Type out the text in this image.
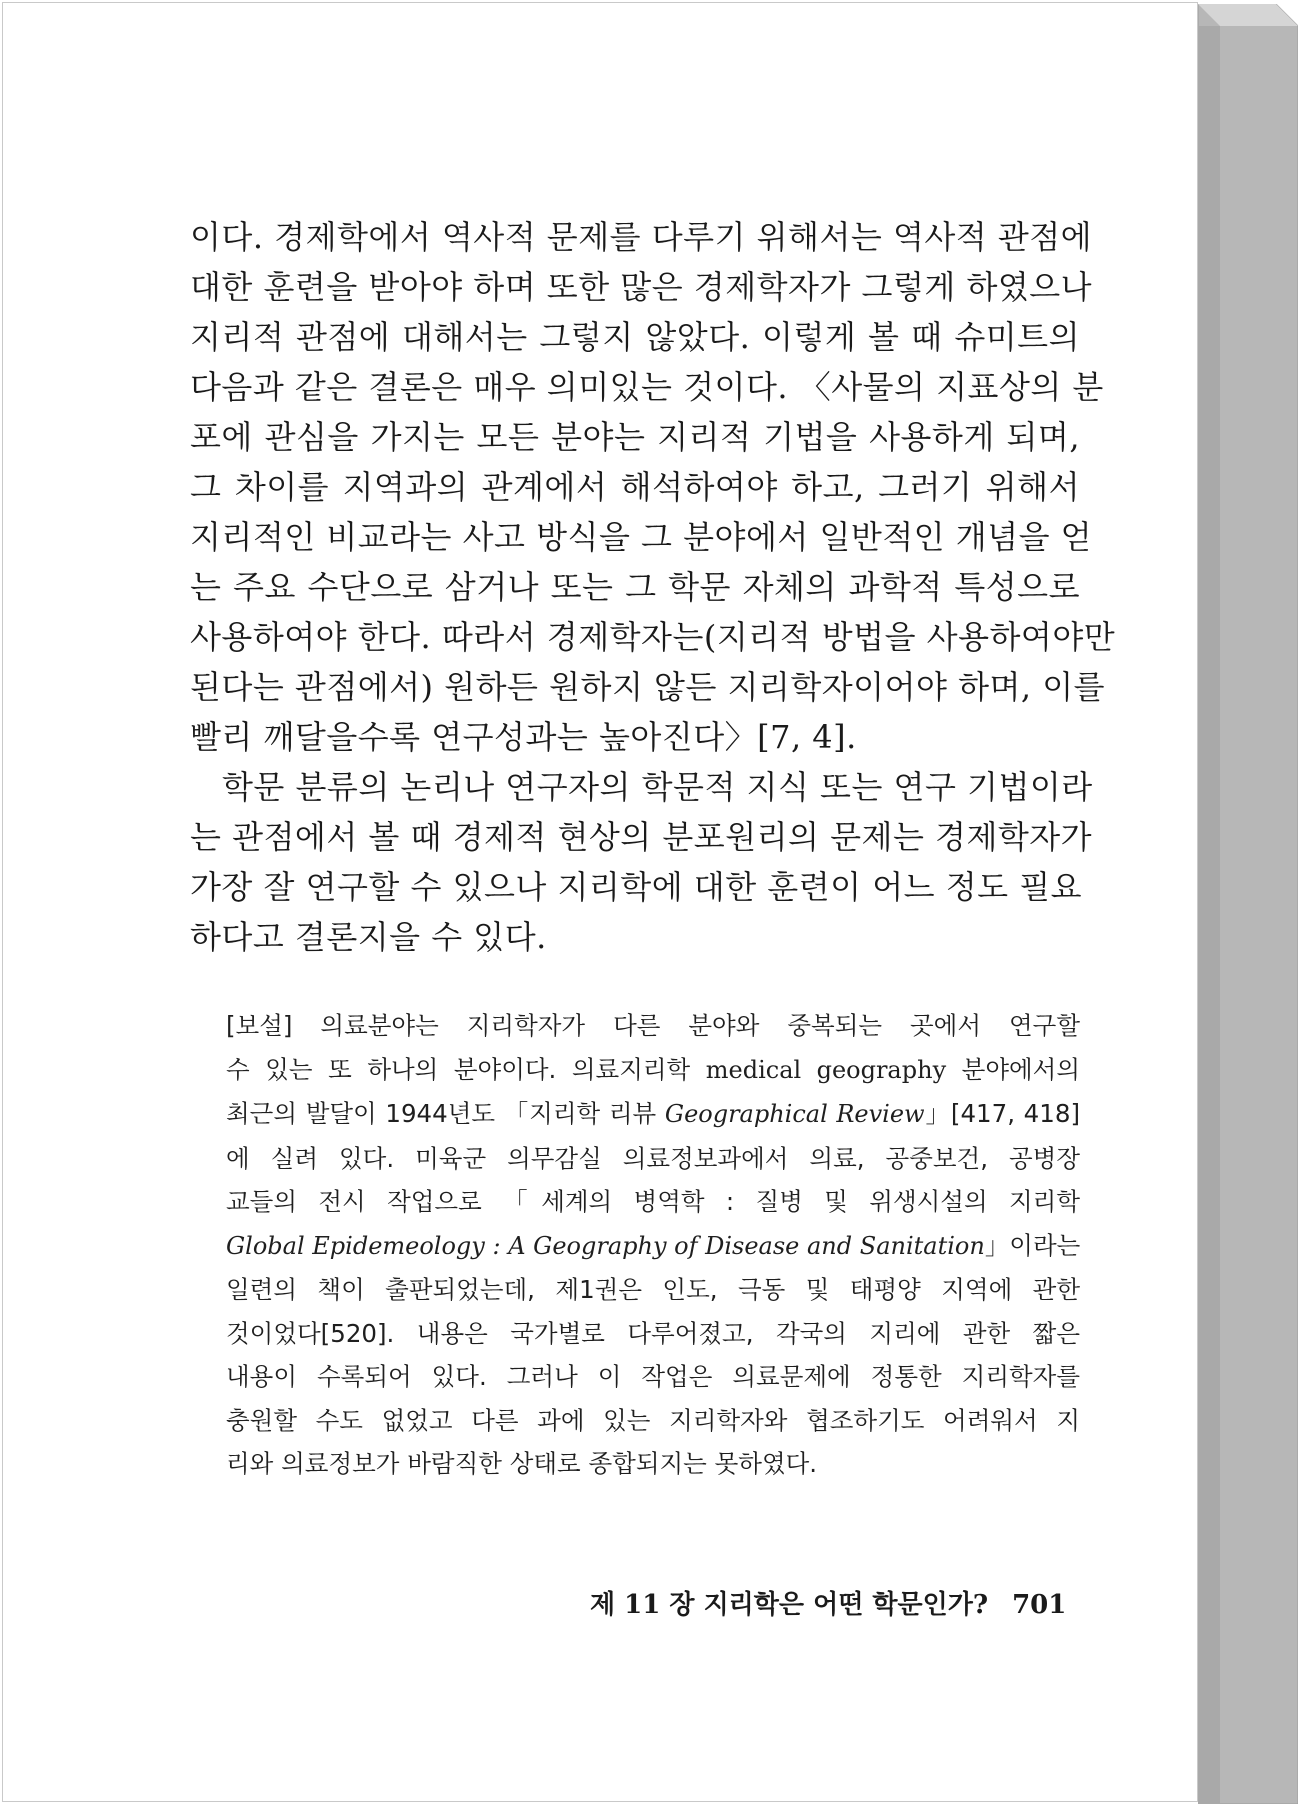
이다. 경제학에서 역사적 문제를 다루기 위해서는 역사적 관점에

대한 훈련을 받아야 하며 또한 많은 경제학자가 그렇게 하였으나

지리적 관점에 대해서는 그렇지 않았다. 이렇게 볼 때 슈미트의

다음과 같은 결론은 매우 의미있는 것이다. 〈사물의 지표상의 분

포에 관심을 가지는 모든 분야는 지리적 기법을 사용하게 되며,

그 차이를 지역과의 관계에서 해석하여야 하고, 그러기 위해서

지리적인 비교라는 사고 방식을 그 분야에서 일반적인 개념을 얻

는 주요 수단으로 삼거나 또는 그 학문 자체의 과학적 특성으로

사용하여야 한다. 따라서 경제학자는(지리적 방법을 사용하여야만

된다는 관점에서) 원하든 원하지 않든 지리학자이어야 하며, 이를

빨리 깨달을수록 연구성과는 높아진다〉[7, 4].

학문 분류의 논리나 연구자의 학문적 지식 또는 연구 기법이라

는 관점에서 볼 때 경제적 현상의 분포원리의 문제는 경제학자가

가장 잘 연구할 수 있으나 지리학에 대한 훈련이 어느 정도 필요

하다고 결론지을 수 있다.

[보설] 의료분야는 지리학자가 다른 분야와 중복되는 곳에서 연구할

수 있는 또 하나의 분야이다. 의료지리학 medical geography 분야에서의

최근의 발달이 1944년도 「지리학 리뷰 Geographical Review」[417, 418]

에 실려 있다. 미육군 의무감실 의료정보과에서 의료, 공중보건, 공병장

교들의 전시 작업으로 「세계의 병역학 : 질병 및 위생시설의 지리학

Global Epidemeology : A Geography of Disease and Sanitation」이라는

일련의 책이 출판되었는데, 제1권은 인도, 극동 및 태평양 지역에 관한

것이었다[520]. 내용은 국가별로 다루어졌고, 각국의 지리에 관한 짧은

내용이 수록되어 있다. 그러나 이 작업은 의료문제에 정통한 지리학자를

충원할 수도 없었고 다른 과에 있는 지리학자와 협조하기도 어려워서 지

리와 의료정보가 바람직한 상태로 종합되지는 못하였다.

제 11 장 지리학은 어떤 학문인가? 701
